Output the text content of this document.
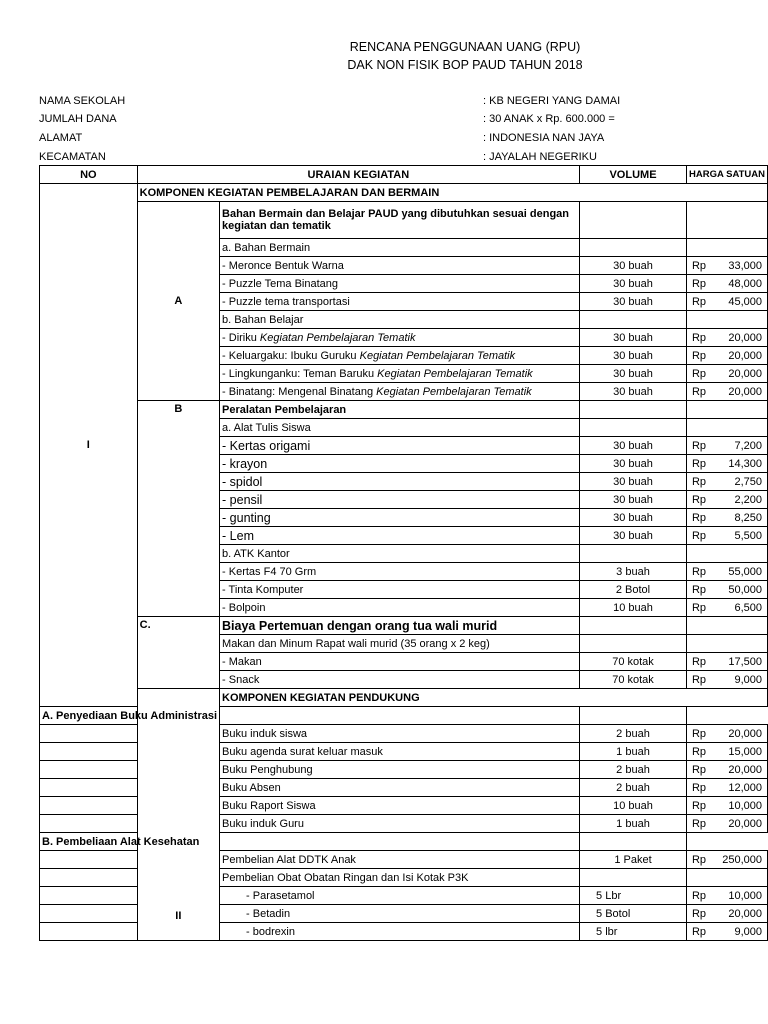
RENCANA PENGGUNAAN UANG (RPU)
DAK NON FISIK BOP PAUD TAHUN 2018
NAMA SEKOLAH	: KB NEGERI YANG DAMAI
JUMLAH DANA	: 30 ANAK x Rp. 600.000 =
ALAMAT	: INDONESIA NAN JAYA
KECAMATAN	: JAYALAH NEGERIKU
NO	URAIAN KEGIATAN		VOLUME	HARGA SATUAN
I	KOMPONEN KEGIATAN PEMBELAJARAN DAN BERMAIN			
	A	Bahan Bermain dan Belajar PAUD yang dibutuhkan sesuai dengan kegiatan dan tematik		
		a. Bahan Bermain		
		- Meronce Bentuk Warna	30 buah	Rp 33,000

		- Puzzle Tema Binatang	30 buah	Rp 48,000

		- Puzzle tema transportasi	30 buah	Rp 45,000

		b. Bahan Belajar		
		- Diriku Kegiatan Pembelajaran Tematik	30 buah	Rp 20,000

		- Keluargaku: Ibuku Guruku Kegiatan Pembelajaran Tematik	30 buah	Rp 20,000

		- Lingkunganku: Teman Baruku Kegiatan Pembelajaran Tematik	30 buah	Rp 20,000

		- Binatang: Mengenal Binatang Kegiatan Pembelajaran Tematik	30 buah	Rp 20,000

	B	Peralatan Pembelajaran		
		a. Alat Tulis Siswa		
		- Kertas origami	30 buah	Rp 7,200

		- krayon	30 buah	Rp 14,300

		- spidol	30 buah	Rp 2,750

		- pensil	30 buah	Rp 2,200

		- gunting	30 buah	Rp 8,250

		- Lem	30 buah	Rp 5,500

		b. ATK Kantor		
		- Kertas F4 70 Grm	3 buah	Rp 55,000

		- Tinta Komputer	2 Botol	Rp 50,000

		- Bolpoin	10 buah	Rp 6,500

	C.	Biaya Pertemuan dengan orang tua wali murid		
		Makan dan Minum Rapat wali murid (35 orang x 2 keg)		
		- Makan	70 kotak	Rp 17,500

		- Snack	70 kotak	Rp 9,000

	II	KOMPONEN KEGIATAN PENDUKUNG		
A. Penyediaan Buku Administrasi				
		Buku induk siswa	2 buah	Rp 20,000

		Buku agenda surat keluar masuk	1 buah	Rp 15,000

		Buku Penghubung	2 buah	Rp 20,000

		Buku Absen	2 buah	Rp 12,000

		Buku Raport Siswa	10 buah	Rp 10,000

		Buku induk Guru	1 buah	Rp 20,000

B. Pembeliaan Alat Kesehatan				
		Pembelian Alat DDTK Anak	1 Paket	Rp 250,000

		Pembelian Obat Obatan Ringan dan Isi Kotak P3K		
		- Parasetamol	5 Lbr	Rp 10,000

		- Betadin	5 Botol	Rp 20,000

		- bodrexin	5 lbr	Rp 9,000
